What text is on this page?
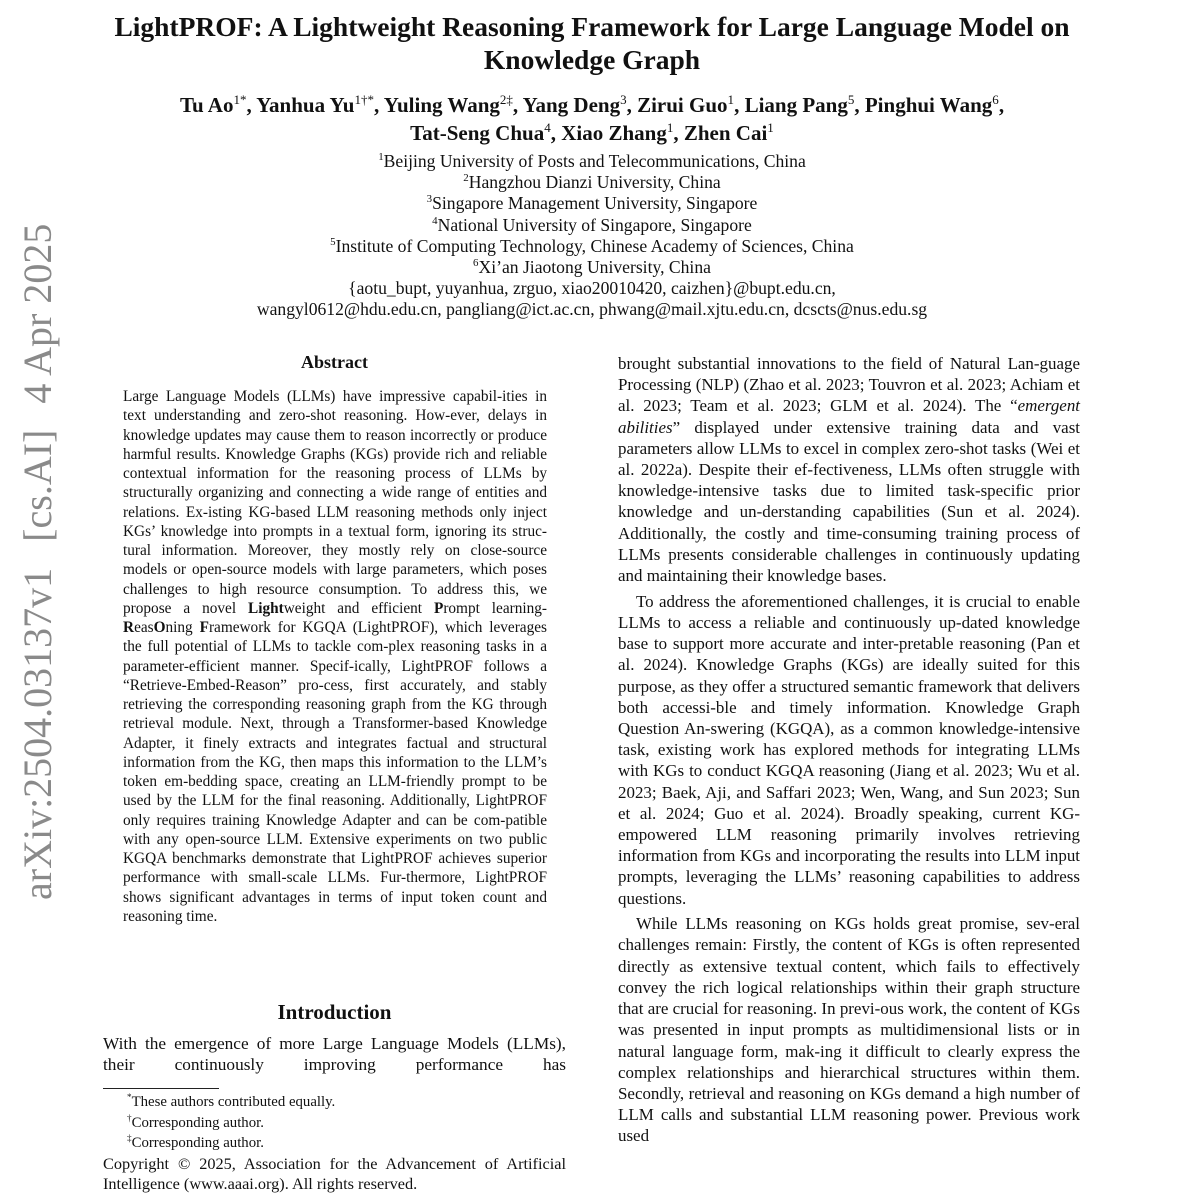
arXiv:2504.03137v1[cs.AI]4 Apr 2025
LightPROF: A Lightweight Reasoning Framework for Large Language Model on Knowledge Graph
Tu $Ao^{1*}$, Yanhua $Yu^{1\dagger*}$, Yuling Wang$^{2\ddagger}$, Yang Deng$^3$, Zirui Guo$^1$, Liang Pang$^5$, Pinghui Wang$^6$,
Tat-Seng Chua$^4$, Xiao Zhang$^1$, Zhen Cai$^1$
$^1$Beijing University of Posts and Telecommunications, China
$^2$Hangzhou Dianzi University, China
$^3$Singapore Management University, Singapore
$^4$National University of Singapore, Singapore
$^5$Institute of Computing Technology, Chinese Academy of Sciences, China
$^6$Xi’an Jiaotong University, China
{aotu_bupt, yuyanhua, zrguo, xiao20010420, caizhen}@bupt.edu.cn,
wangyl0612@hdu.edu.cn, pangliang@ict.ac.cn, phwang@mail.xjtu.edu.cn, dcscts@nus.edu.sg
Abstract
Large Language Models (LLMs) have impressive capabil-ities in text understanding and zero-shot reasoning. How-ever, delays in knowledge updates may cause them to reason incorrectly or produce harmful results. Knowledge Graphs (KGs) provide rich and reliable contextual information for the reasoning process of LLMs by structurally organizing and connecting a wide range of entities and relations. Ex-isting KG-based LLM reasoning methods only inject KGs’ knowledge into prompts in a textual form, ignoring its struc-tural information. Moreover, they mostly rely on close-source models or open-source models with large parameters, which poses challenges to high resource consumption. To address this, we propose a novel Lightweight and efficient Prompt learning-ReasOning Framework for KGQA (LightPROF), which leverages the full potential of LLMs to tackle com-plex reasoning tasks in a parameter-efficient manner. Specif-ically, LightPROF follows a “Retrieve-Embed-Reason” pro-cess, first accurately, and stably retrieving the corresponding reasoning graph from the KG through retrieval module. Next, through a Transformer-based Knowledge Adapter, it finely extracts and integrates factual and structural information from the KG, then maps this information to the LLM’s token em-bedding space, creating an LLM-friendly prompt to be used by the LLM for the final reasoning. Additionally, LightPROF only requires training Knowledge Adapter and can be com-patible with any open-source LLM. Extensive experiments on two public KGQA benchmarks demonstrate that LightPROF achieves superior performance with small-scale LLMs. Fur-thermore, LightPROF shows significant advantages in terms of input token count and reasoning time.
Introduction
With the emergence of more Large Language Models (LLMs), their continuously improving performance has
*These authors contributed equally.
†Corresponding author.
‡Corresponding author.
Copyright © 2025, Association for the Advancement of Artificial Intelligence (www.aaai.org). All rights reserved.

brought substantial innovations to the field of Natural Lan-guage Processing (NLP) (Zhao et al. 2023; Touvron et al. 2023; Achiam et al. 2023; Team et al. 2023; GLM et al. 2024). The “emergent abilities” displayed under extensive training data and vast parameters allow LLMs to excel in complex zero-shot tasks (Wei et al. 2022a). Despite their ef-fectiveness, LLMs often struggle with knowledge-intensive tasks due to limited task-specific prior knowledge and un-derstanding capabilities (Sun et al. 2024). Additionally, the costly and time-consuming training process of LLMs presents considerable challenges in continuously updating and maintaining their knowledge bases.

To address the aforementioned challenges, it is crucial to enable LLMs to access a reliable and continuously up-dated knowledge base to support more accurate and inter-pretable reasoning (Pan et al. 2024). Knowledge Graphs (KGs) are ideally suited for this purpose, as they offer a structured semantic framework that delivers both accessi-ble and timely information. Knowledge Graph Question An-swering (KGQA), as a common knowledge-intensive task, existing work has explored methods for integrating LLMs with KGs to conduct KGQA reasoning (Jiang et al. 2023; Wu et al. 2023; Baek, Aji, and Saffari 2023; Wen, Wang, and Sun 2023; Sun et al. 2024; Guo et al. 2024). Broadly speaking, current KG-empowered LLM reasoning primarily involves retrieving information from KGs and incorporating the results into LLM input prompts, leveraging the LLMs’ reasoning capabilities to address questions.

While LLMs reasoning on KGs holds great promise, sev-eral challenges remain: Firstly, the content of KGs is often represented directly as extensive textual content, which fails to effectively convey the rich logical relationships within their graph structure that are crucial for reasoning. In previ-ous work, the content of KGs was presented in input prompts as multidimensional lists or in natural language form, mak-ing it difficult to clearly express the complex relationships and hierarchical structures within them. Secondly, retrieval and reasoning on KGs demand a high number of LLM calls and substantial LLM reasoning power. Previous work used
